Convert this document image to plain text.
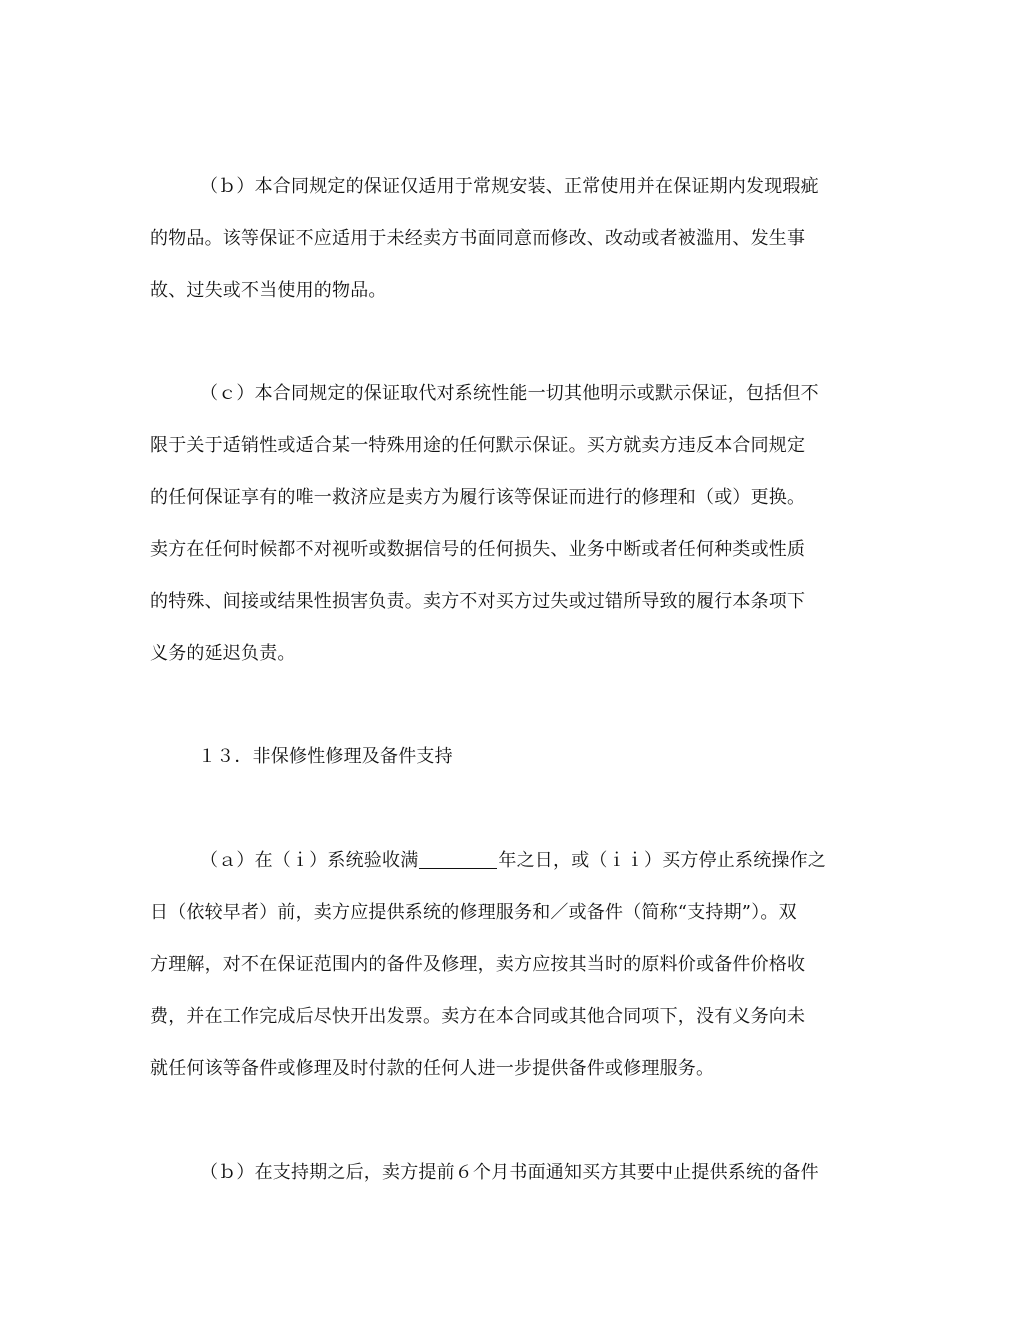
（ｂ）本合同规定的保证仅适用于常规安装、正常使用并在保证期内发现瑕疵
的物品。该等保证不应适用于未经卖方书面同意而修改、改动或者被滥用、发生事
故、过失或不当使用的物品。
（ｃ）本合同规定的保证取代对系统性能一切其他明示或默示保证，包括但不
限于关于适销性或适合某一特殊用途的任何默示保证。买方就卖方违反本合同规定
的任何保证享有的唯一救济应是卖方为履行该等保证而进行的修理和（或）更换。
卖方在任何时候都不对视听或数据信号的任何损失、业务中断或者任何种类或性质
的特殊、间接或结果性损害负责。卖方不对买方过失或过错所导致的履行本条项下
义务的延迟负责。
１３．非保修性修理及备件支持
（ａ）在（ｉ）系统验收满	年之日，或（ｉｉ）买方停止系统操作之
日（依较早者）前，卖方应提供系统的修理服务和／或备件（简称“支持期”）。双
方理解，对不在保证范围内的备件及修理，卖方应按其当时的原料价或备件价格收
费，并在工作完成后尽快开出发票。卖方在本合同或其他合同项下，没有义务向未
就任何该等备件或修理及时付款的任何人进一步提供备件或修理服务。
（ｂ）在支持期之后，卖方提前６个月书面通知买方其要中止提供系统的备件
